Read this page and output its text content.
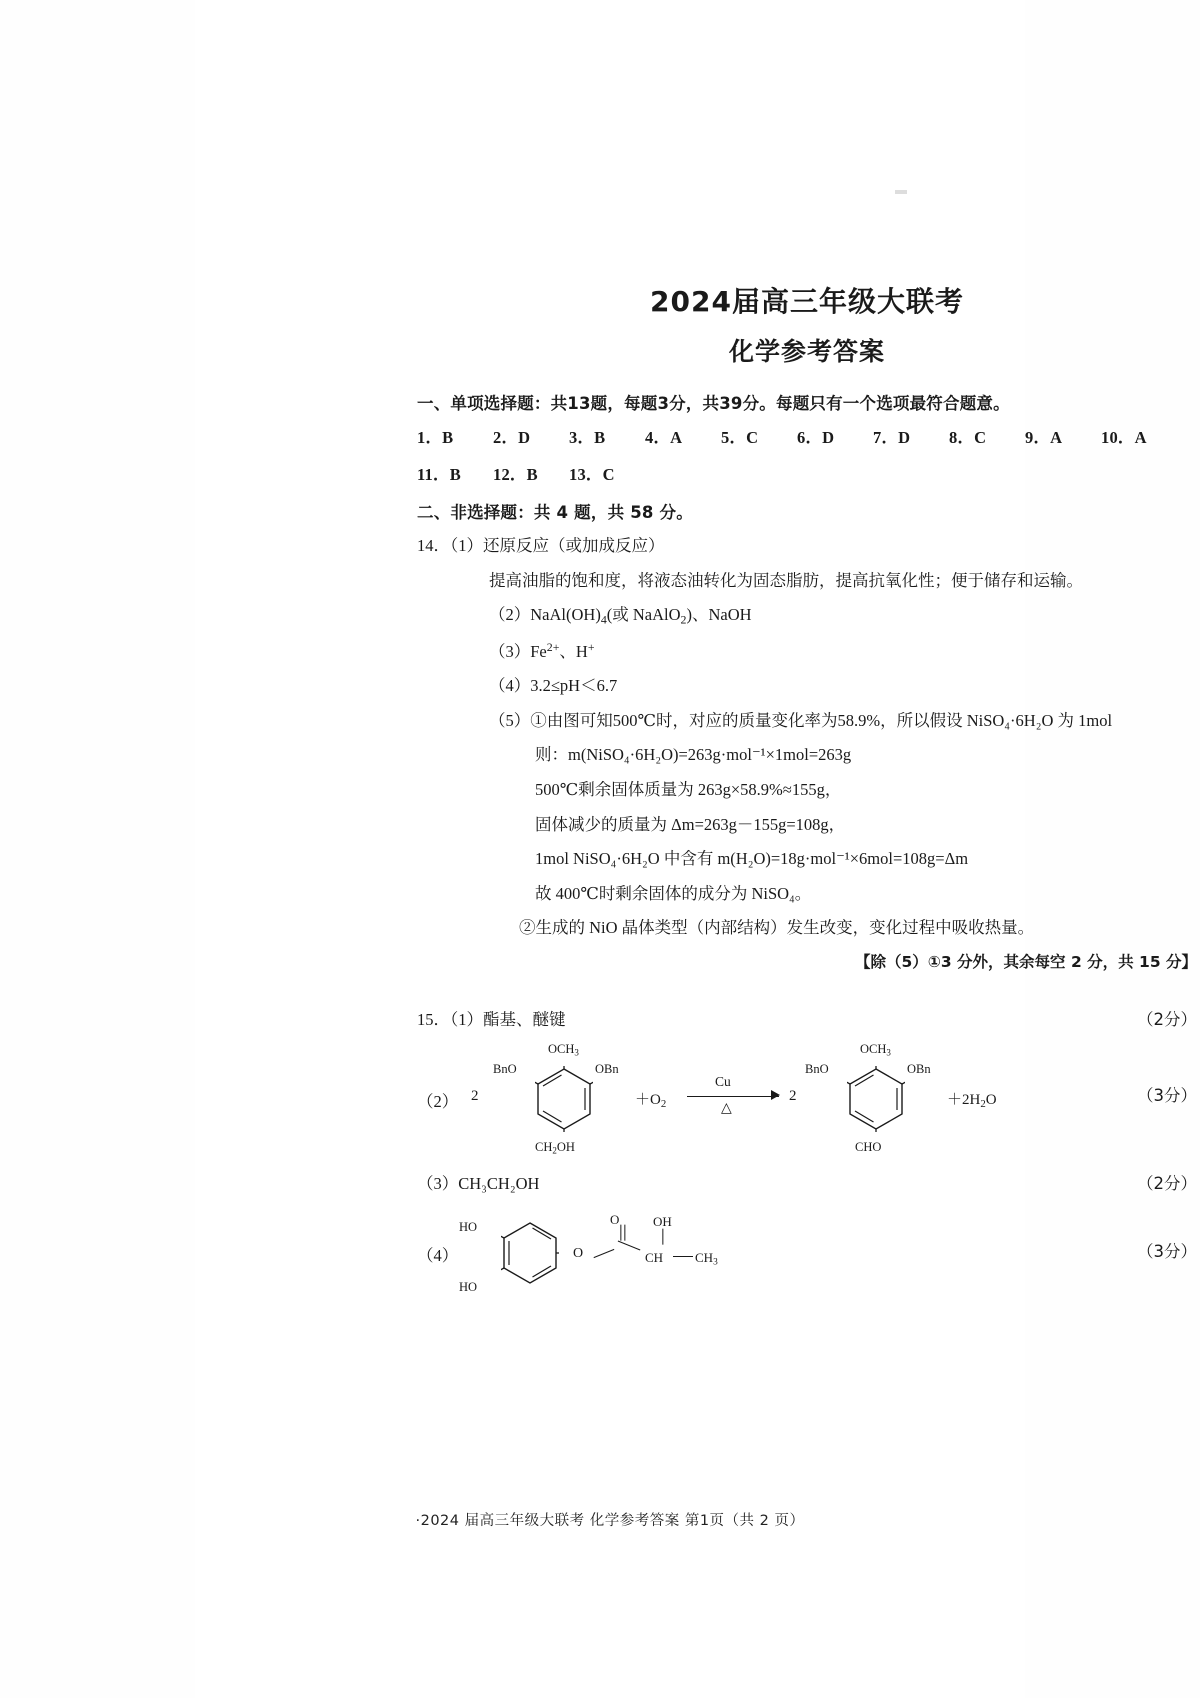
2024届高三年级大联考
化学参考答案
一、单项选择题：共13题，每题3分，共39分。每题只有一个选项最符合题意。
1．B 2．D 3．B 4．A 5．C 6．D 7．D 8．C 9．A 10．A
11．B 12．B 13．C
二、非选择题：共 4 题，共 58 分。
14．（1）还原反应（或加成反应）
提高油脂的饱和度，将液态油转化为固态脂肪，提高抗氧化性；便于储存和运输。
$(2)NaAl(OH)_4$(或 NaAlO$_2$)、NaOH
$(3)Fe^{2+}$、H+
（4）3.2≤pH＜6.7
（5）①由图可知500℃时，对应的质量变化率为58.9%，所以假设 NiSO₄·6H₂O 为 1mol
则：m(NiSO₄·6H₂O)=263g·mol⁻¹×1mol=263g
500℃剩余固体质量为 263g×58.9%≈155g，
固体减少的质量为 Δm=263g－155g=108g，
1mol NiSO₄·6H₂O 中含有 m(H₂O)=18g·mol⁻¹×6mol=108g=Δm
故 400℃时剩余固体的成分为 NiSO₄。
②生成的 NiO 晶体类型（内部结构）发生改变，变化过程中吸收热量。
【除（5）①3 分外，其余每空 2 分，共 15 分】
15．（1）酯基、醚键	（2分）
（2）	（3分）
2
$OCH_3$
BnO	OBn
$CH_2OH$
$+O_2$
Cu
△
2
$OCH_3$
BnO	OBn
CHO
$+2H_2O$
（3）CH₃CH₂OH	（2分）
（4）	（3分）
HO
HO
O
O	OH
CH $CH_3$
·2024 届高三年级大联考 化学参考答案 第1页（共 2 页）
